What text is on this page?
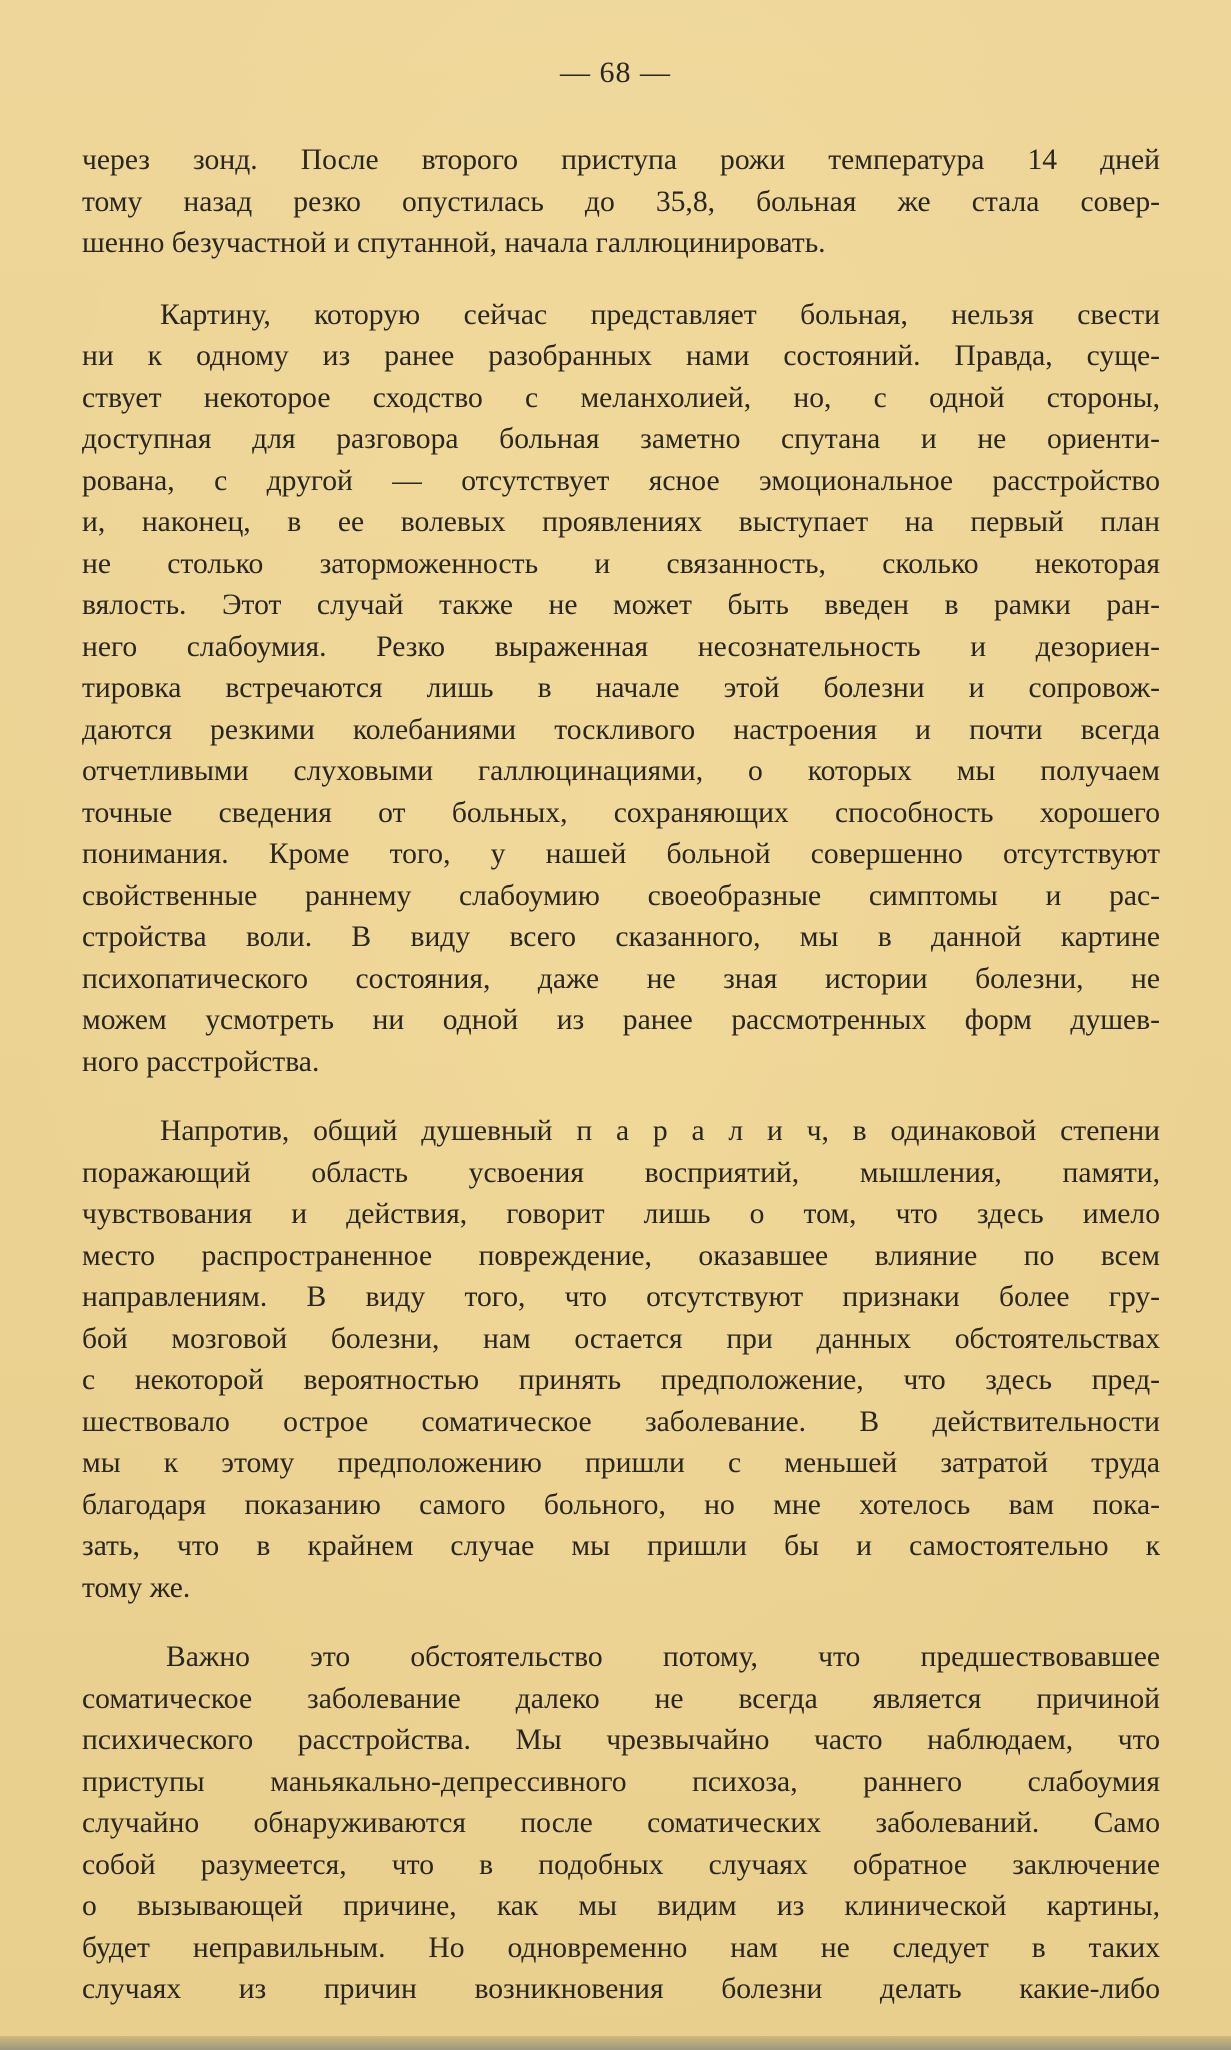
— 68 —
через зонд. После второго приступа рожи температура 14 дней
тому назад резко опустилась до 35,8, больная же стала совер-
шенно безучастной и спутанной, начала галлюцинировать.
Картину, которую сейчас представляет больная, нельзя свести
ни к одному из ранее разобранных нами состояний. Правда, суще-
ствует некоторое сходство с меланхолией, но, с одной стороны,
доступная для разговора больная заметно спутана и не ориенти-
рована, с другой — отсутствует ясное эмоциональное расстройство
и, наконец, в ее волевых проявлениях выступает на первый план
не столько заторможенность и связанность, сколько некоторая
вялость. Этот случай также не может быть введен в рамки ран-
него слабоумия. Резко выраженная несознательность и дезориен-
тировка встречаются лишь в начале этой болезни и сопровож-
даются резкими колебаниями тоскливого настроения и почти всегда
отчетливыми слуховыми галлюцинациями, о которых мы получаем
точные сведения от больных, сохраняющих способность хорошего
понимания. Кроме того, у нашей больной совершенно отсутствуют
свойственные раннему слабоумию своеобразные симптомы и рас-
стройства воли. В виду всего сказанного, мы в данной картине
психопатического состояния, даже не зная истории болезни, не
можем усмотреть ни одной из ранее рассмотренных форм душев-
ного расстройства.
Напротив, общий душевный п а р а л и ч, в одинаковой степени
поражающий область усвоения восприятий, мышления, памяти,
чувствования и действия, говорит лишь о том, что здесь имело
место распространенное повреждение, оказавшее влияние по всем
направлениям. В виду того, что отсутствуют признаки более гру-
бой мозговой болезни, нам остается при данных обстоятельствах
с некоторой вероятностью принять предположение, что здесь пред-
шествовало острое соматическое заболевание. В действительности
мы к этому предположению пришли с меньшей затратой труда
благодаря показанию самого больного, но мне хотелось вам пока-
зать, что в крайнем случае мы пришли бы и самостоятельно к
тому же.
Важно это обстоятельство потому, что предшествовавшее
соматическое заболевание далеко не всегда является причиной
психического расстройства. Мы чрезвычайно часто наблюдаем, что
приступы маньякально-депрессивного психоза, раннего слабоумия
случайно обнаруживаются после соматических заболеваний. Само
собой разумеется, что в подобных случаях обратное заключение
о вызывающей причине, как мы видим из клинической картины,
будет неправильным. Но одновременно нам не следует в таких
случаях из причин возникновения болезни делать какие-либо
